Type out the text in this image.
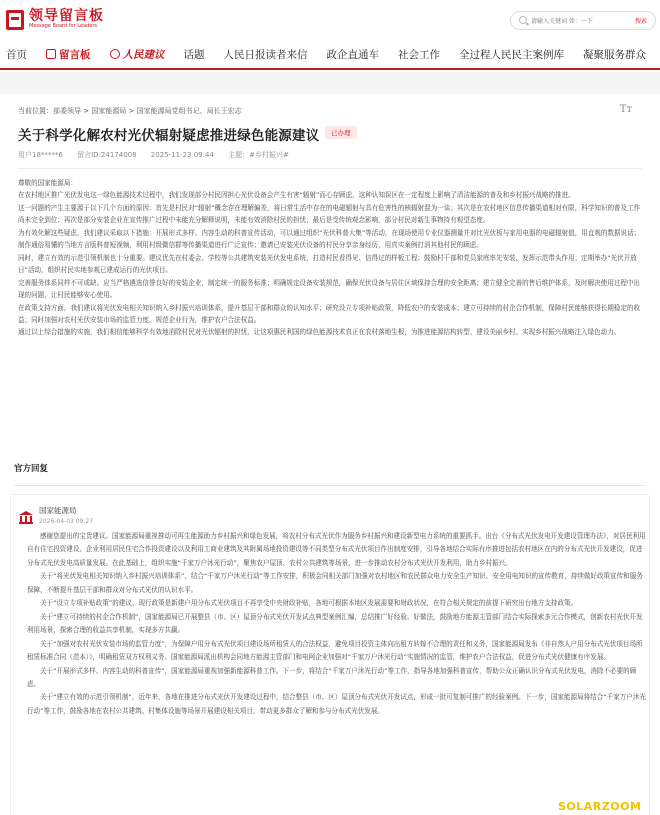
领导留言板
Message Board for Leaders
请输入关键词 如：一下
搜索
首页	留言板	人民建议 话题 人民日报读者来信 政企直通车 社会工作 全过程人民民主案例库 凝聚服务群众
当前位置：部委领导 > 国家能源局 > 国家能源局党组书记、局长王宏志	Tт
关于科学化解农村光伏辐射疑虑推进绿色能源建议	已办理
用户18*****6 留言ID:24174008 2025-11-23 09:44 主题：#乡村振兴#

尊敬的国家能源局：

在农村地区推广光伏发电这一绿色能源技术过程中，我们发现部分村民因担心光伏设备会产生有害“辐射”而心存顾虑，这种认知误区在一定程度上影响了清洁能源的普及和乡村振兴战略的推进。

这一问题的产生主要源于以下几个方面的原因：首先是村民对“辐射”概念存在理解偏差，将日常生活中存在的电磁辐射与具有危害性的核辐射混为一谈；其次是在农村地区信息传播渠道相对有限，科学知识的普及工作尚未完全到位；再次是部分安装企业在宣传推广过程中未能充分解释说明，未能有效消除村民的担忧；最后是受传统观念影响，部分村民对新生事物持有观望态度。

为有效化解这些疑虑，我们建议采取以下措施：开展形式多样、内容生动的科普宣传活动，可以通过组织“光伏科普大集”等活动，在现场使用专业仪器测量并对比光伏板与家用电器的电磁辐射值，用直观的数据说话；制作通俗易懂的当地方言版科普短视频，利用村级微信群等传播渠道进行广泛宣传；邀请已安装光伏设备的村民分享亲身经历，用真实案例打消其他村民的顾虑。

同时，建立有效的示范引领机制也十分重要。建议优先在村委会、学校等公共建筑安装光伏发电系统，打造村民看得见、信得过的样板工程；鼓励村干部和党员家庭率先安装，发挥示范带头作用；定期举办“光伏开放日”活动，组织村民实地参观已建成运行的光伏项目。

完善服务体系同样不可或缺。应当严格遴选信誉良好的安装企业，制定统一的服务标准；明确规定设备安装规范，确保光伏设备与居住区域保持合理的安全距离；建立健全完善的售后维护体系，及时解决使用过程中出现的问题，让村民能够安心使用。

在政策支持方面，我们建议将光伏发电相关知识纳入乡村振兴培训体系，提升基层干部和群众的认知水平；研究设立专项补贴政策，降低农户的安装成本；建立可持续的村企合作机制，保障村民能够获得长期稳定的收益；同时加强对农村光伏安装市场的监管力度，规范企业行为，维护农户合法权益。

通过以上综合措施的实施，我们相信能够科学有效地消除村民对光伏辐射的担忧，让这项惠民利国的绿色能源技术真正在农村落地生根，为推进能源结构转型、建设美丽乡村、实现乡村振兴战略注入绿色动力。

官方回复
国家能源局
2026-04-03 09:27

感谢您提出的宝贵建议。国家能源局重视推动可再生能源助力乡村振兴和绿色发展，将农村分布式光伏作为服务乡村振兴和建设新型电力系统的重要抓手。出台《分布式光伏发电开发建设管理办法》，对居民利用自有住宅投资建设、企业利用居民住宅合作投资建设以及利用工商业建筑及其附属场地投资建设等不同类型分布式光伏项目作出制度安排，引导各地结合实际有序推进包括农村地区在内的分布式光伏开发建设，促进分布式光伏发电高质量发展。在此基础上，组织实施“千家万户沐光行动”，聚焦农户屋顶、农村公共建筑等场景，进一步推动农村分布式光伏开发利用，助力乡村振兴。

关于“将光伏发电相关知识纳入乡村振兴培训体系”，结合“千家万户沐光行动”等工作安排，积极会同相关部门加强对农村地区和农民群众电力安全生产知识、安全用电知识的宣传教育，持续做好政策宣传和服务保障，不断提升基层干部和群众对分布式光伏的认识水平。

关于“设立专项补贴政策”的建议，现行政策是新建户用分布式光伏项目不再享受中央财政补贴，各地可根据本地区发展需要和财政状况，在符合相关规定的前提下研究出台地方支持政策。

关于“建立可持续的村企合作机制”，国家能源局已开展整县（市、区）屋顶分布式光伏开发试点典型案例汇编，总结推广好经验、好做法，鼓励地方能源主管部门结合实际探索多元合作模式，创新农村光伏开发利用场景，探索合理的收益共享机制，实现多方共赢。

关于“加强对农村光伏安装市场的监管力度”，为保障户用分布式光伏项目建设场所租赁人的合法权益，避免项目投资主体向出租方转嫁不合理的责任和义务，国家能源局发布《非自然人户用分布式光伏项目场所租赁标准合同（范本）》，明确租赁双方权利义务。国家能源局派出机构会同地方能源主管部门和电网企业加强对“千家万户沐光行动”实施情况的监管，维护农户合法权益，促进分布式光伏健康有序发展。

关于“开展形式多样、内容生动的科普宣传”，国家能源局重视加强新能源科普工作。下一步，将结合“千家万户沐光行动”等工作，指导各地加强科普宣传，帮助公众正确认识分布式光伏发电，消除不必要的顾虑。

关于“建立有效的示范引领机制”，近年来，各地在推进分布式光伏开发建设过程中，结合整县（市、区）屋顶分布式光伏开发试点，形成一批可复制可推广的经验案例。下一步，国家能源局将结合“千家万户沐光行动”等工作，鼓励各地在农村公共建筑、村集体设施等场景开展建设相关项目，带动更多群众了解和参与分布式光伏发展。

SOLARZOOM
